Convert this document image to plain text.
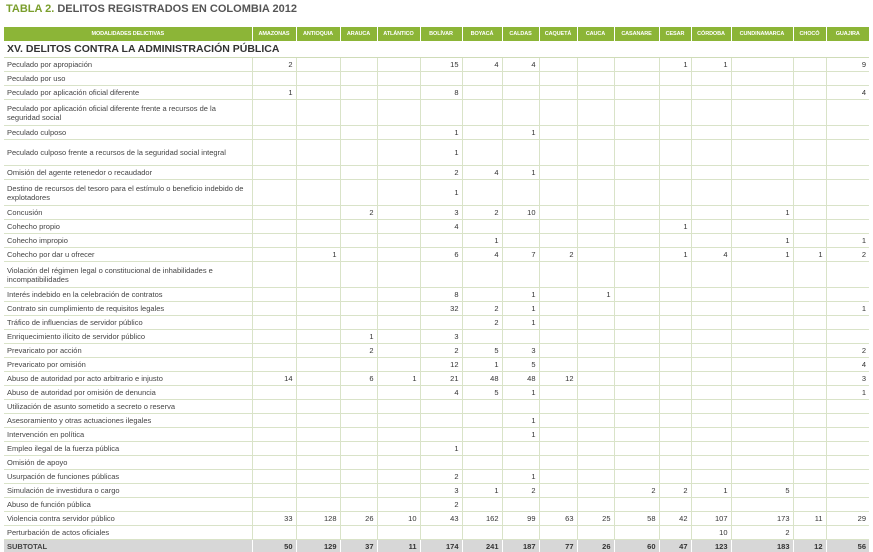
TABLA 2. DELITOS REGISTRADOS EN COLOMBIA 2012
MODALIDADES DELICTIVAS	AMAZONAS	ANTIOQUIA	ARAUCA	ATLÁNTICO	BOLÍVAR	BOYACÁ	CALDAS	CAQUETÁ	CAUCA	CASANARE	CESAR	CÓRDOBA	CUNDINAMARCA	CHOCÓ	GUAJIRA
XV. DELITOS CONTRA LA ADMINISTRACIÓN PÚBLICA															
Peculado por apropiación	2				15	4	4				1	1			9
Peculado por uso															
Peculado por aplicación oficial diferente	1				8										4
Peculado por aplicación oficial diferente frente a recursos de la seguridad social															
Peculado culposo					1		1								
Peculado culposo frente a recursos de la seguridad social integral					1										
Omisión del agente retenedor o recaudador					2	4	1								
Destino de recursos del tesoro para el estímulo o beneficio indebido de explotadores					1										
Concusión			2		3	2	10						1		
Cohecho propio					4						1				
Cohecho impropio						1							1		1
Cohecho por dar u ofrecer		1			6	4	7	2			1	4	1	1	2
Violación del régimen legal o constitucional de inhabilidades e incompatibilidades															
Interés indebido en la celebración de contratos					8		1		1						
Contrato sin cumplimiento de requisitos legales					32	2	1								1
Tráfico de influencias de servidor público						2	1								
Enriquecimiento ilícito de servidor público			1		3										
Prevaricato por acción			2		2	5	3								2
Prevaricato por omisión					12	1	5								4
Abuso de autoridad por acto arbitrario e injusto	14		6	1	21	48	48	12							3
Abuso de autoridad por omisión de denuncia					4	5	1								1
Utilización de asunto sometido a secreto o reserva															
Asesoramiento y otras actuaciones ilegales							1								
Intervención en política							1								
Empleo ilegal de la fuerza pública					1										
Omisión de apoyo															
Usurpación de funciones públicas					2		1								
Simulación de investidura o cargo					3	1	2			2	2	1	5		
Abuso de función pública					2										
Violencia contra servidor público	33	128	26	10	43	162	99	63	25	58	42	107	173	11	29
Perturbación de actos oficiales												10	2		
SUBTOTAL	50	129	37	11	174	241	187	77	26	60	47	123	183	12	56
